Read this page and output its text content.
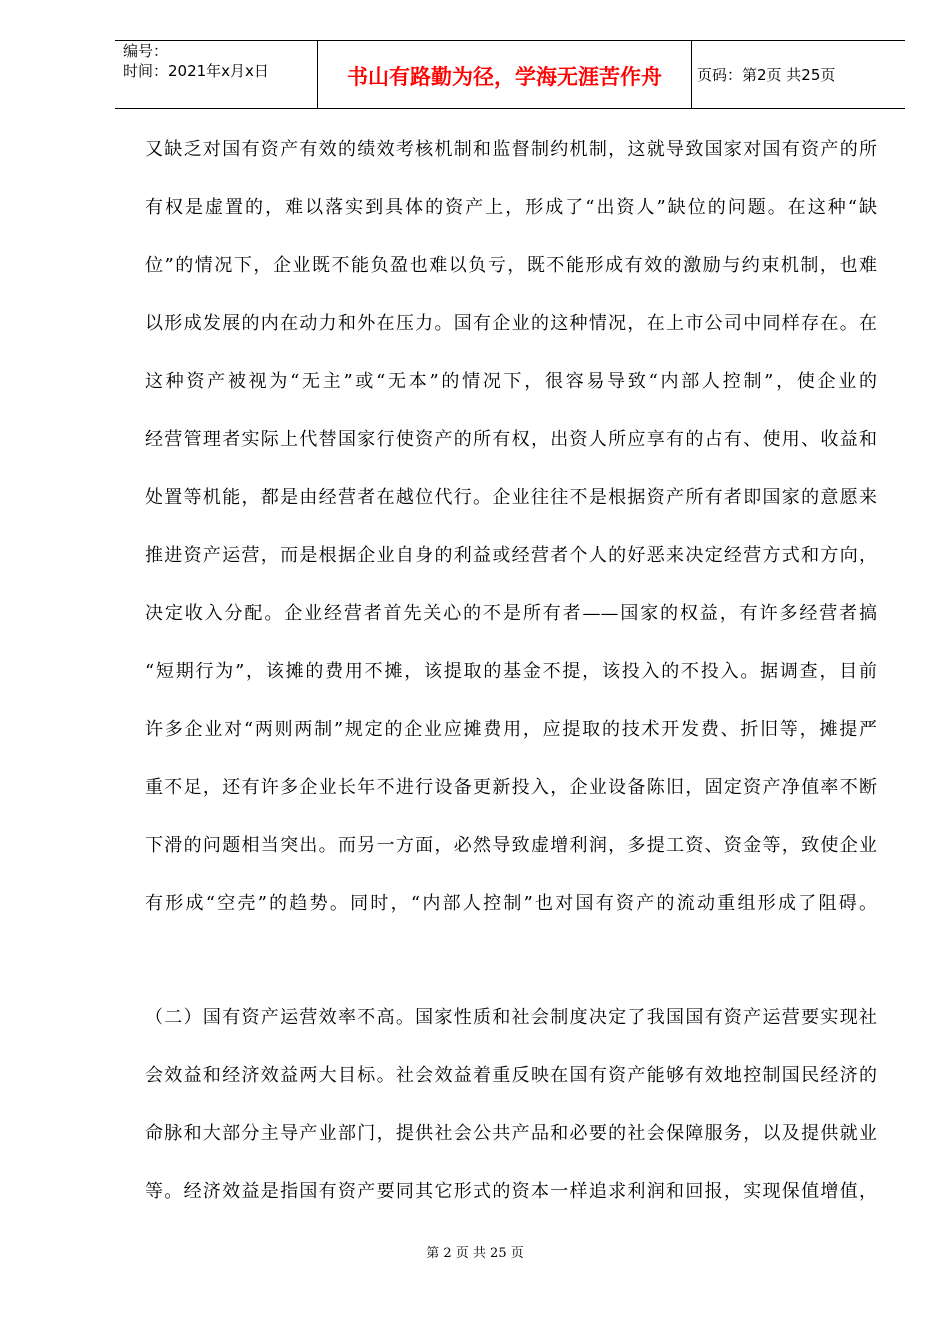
编号：
时间：2021年x月x日	书山有路勤为径，学海无涯苦作舟	页码：第2页 共25页
又缺乏对国有资产有效的绩效考核机制和监督制约机制，这就导致国家对国有资产的所
有权是虚置的，难以落实到具体的资产上，形成了“出资人”缺位的问题。在这种“缺
位”的情况下，企业既不能负盈也难以负亏，既不能形成有效的激励与约束机制，也难
以形成发展的内在动力和外在压力。国有企业的这种情况，在上市公司中同样存在。在
这种资产被视为“无主”或“无本”的情况下，很容易导致“内部人控制”，使企业的
经营管理者实际上代替国家行使资产的所有权，出资人所应享有的占有、使用、收益和
处置等机能，都是由经营者在越位代行。企业往往不是根据资产所有者即国家的意愿来
推进资产运营，而是根据企业自身的利益或经营者个人的好恶来决定经营方式和方向，
决定收入分配。企业经营者首先关心的不是所有者——国家的权益，有许多经营者搞
“短期行为”，该摊的费用不摊，该提取的基金不提，该投入的不投入。据调查，目前
许多企业对“两则两制”规定的企业应摊费用，应提取的技术开发费、折旧等，摊提严
重不足，还有许多企业长年不进行设备更新投入，企业设备陈旧，固定资产净值率不断
下滑的问题相当突出。而另一方面，必然导致虚增利润，多提工资、资金等，致使企业
有形成“空壳”的趋势。同时，“内部人控制”也对国有资产的流动重组形成了阻碍。
（二）国有资产运营效率不高。国家性质和社会制度决定了我国国有资产运营要实现社
会效益和经济效益两大目标。社会效益着重反映在国有资产能够有效地控制国民经济的
命脉和大部分主导产业部门，提供社会公共产品和必要的社会保障服务，以及提供就业
等。经济效益是指国有资产要同其它形式的资本一样追求利润和回报，实现保值增值，
第 2 页 共 25 页
